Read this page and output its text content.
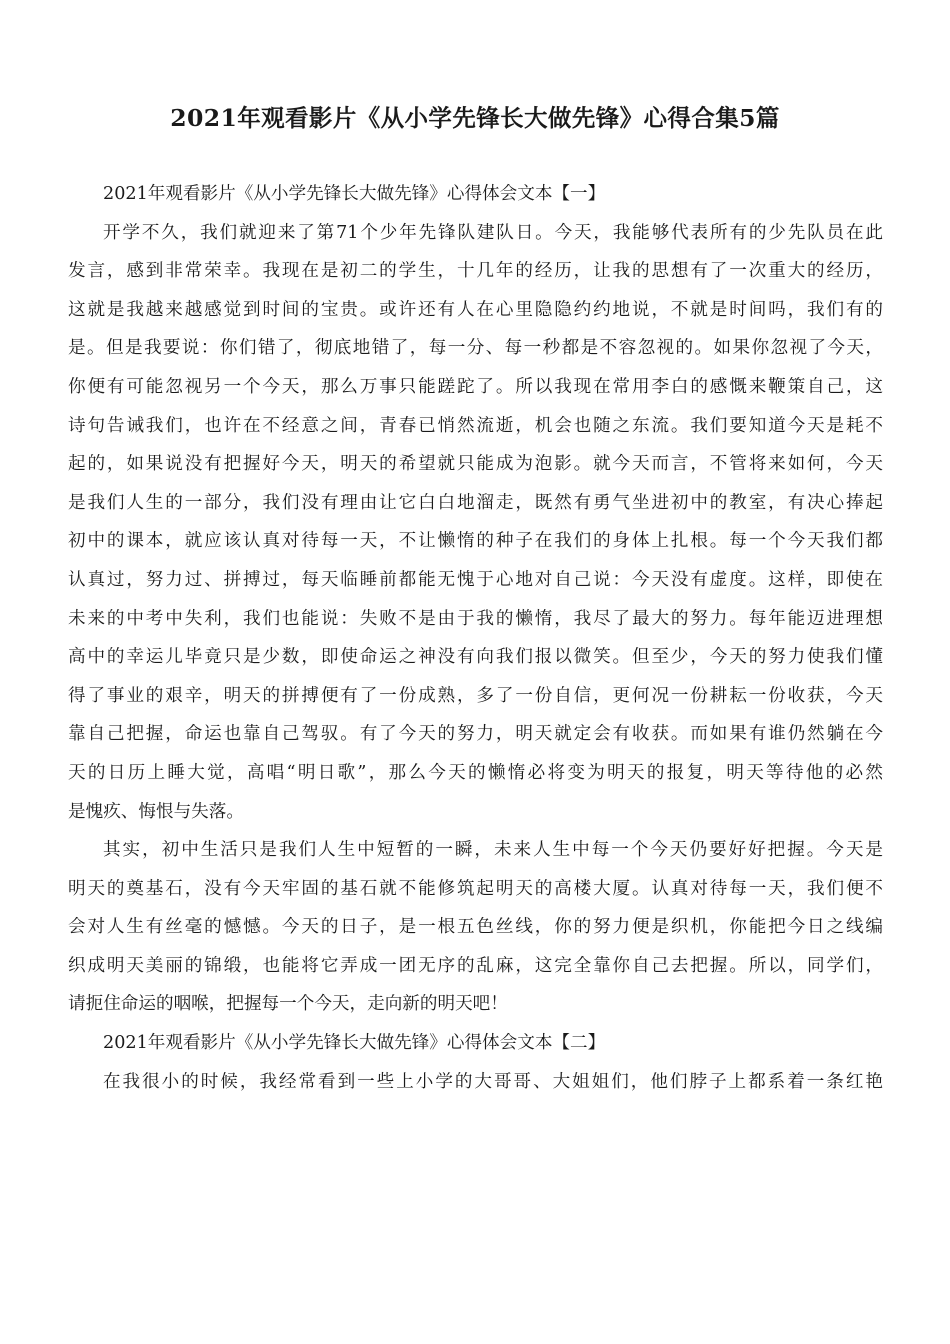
2021年观看影片《从小学先锋长大做先锋》心得合集5篇
2021年观看影片《从小学先锋长大做先锋》心得体会文本【一】
开学不久，我们就迎来了第71个少年先锋队建队日。今天，我能够代表所有的少先队员在此
发言，感到非常荣幸。我现在是初二的学生，十几年的经历，让我的思想有了一次重大的经历，
这就是我越来越感觉到时间的宝贵。或许还有人在心里隐隐约约地说，不就是时间吗，我们有的
是。但是我要说：你们错了，彻底地错了，每一分、每一秒都是不容忽视的。如果你忽视了今天，
你便有可能忽视另一个今天，那么万事只能蹉跎了。所以我现在常用李白的感慨来鞭策自己，这
诗句告诫我们，也许在不经意之间，青春已悄然流逝，机会也随之东流。我们要知道今天是耗不
起的，如果说没有把握好今天，明天的希望就只能成为泡影。就今天而言，不管将来如何，今天
是我们人生的一部分，我们没有理由让它白白地溜走，既然有勇气坐进初中的教室，有决心捧起
初中的课本，就应该认真对待每一天，不让懒惰的种子在我们的身体上扎根。每一个今天我们都
认真过，努力过、拼搏过，每天临睡前都能无愧于心地对自己说：今天没有虚度。这样，即使在
未来的中考中失利，我们也能说：失败不是由于我的懒惰，我尽了最大的努力。每年能迈进理想
高中的幸运儿毕竟只是少数，即使命运之神没有向我们报以微笑。但至少，今天的努力使我们懂
得了事业的艰辛，明天的拼搏便有了一份成熟，多了一份自信，更何况一份耕耘一份收获，今天
靠自己把握，命运也靠自己驾驭。有了今天的努力，明天就定会有收获。而如果有谁仍然躺在今
天的日历上睡大觉，高唱“明日歌”，那么今天的懒惰必将变为明天的报复，明天等待他的必然
是愧疚、悔恨与失落。
其实，初中生活只是我们人生中短暂的一瞬，未来人生中每一个今天仍要好好把握。今天是
明天的奠基石，没有今天牢固的基石就不能修筑起明天的高楼大厦。认真对待每一天，我们便不
会对人生有丝毫的憾憾。今天的日子，是一根五色丝线，你的努力便是织机，你能把今日之线编
织成明天美丽的锦缎，也能将它弄成一团无序的乱麻，这完全靠你自己去把握。所以，同学们，
请扼住命运的咽喉，把握每一个今天，走向新的明天吧！
2021年观看影片《从小学先锋长大做先锋》心得体会文本【二】
在我很小的时候，我经常看到一些上小学的大哥哥、大姐姐们，他们脖子上都系着一条红艳
